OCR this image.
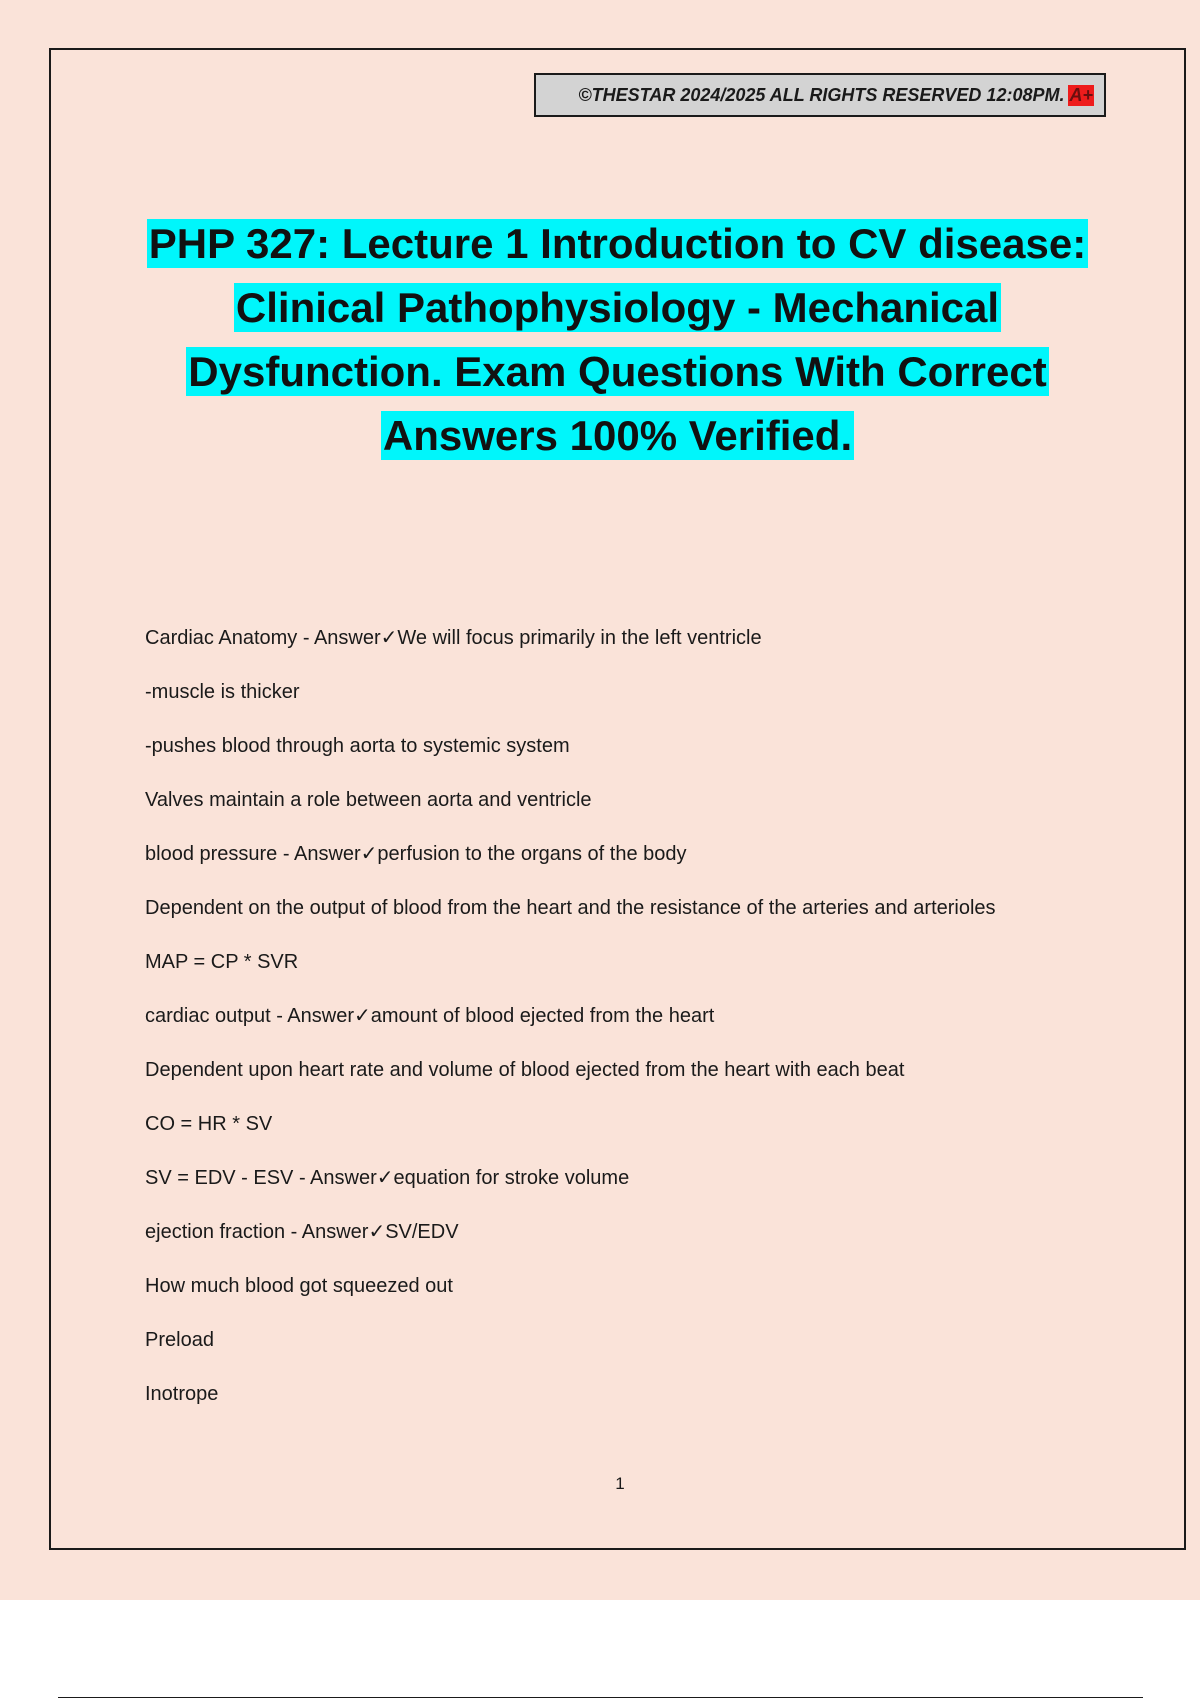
©THESTAR 2024/2025 ALL RIGHTS RESERVED 12:08PM. A+
PHP 327: Lecture 1 Introduction to CV disease:
Clinical Pathophysiology - Mechanical
Dysfunction. Exam Questions With Correct
Answers 100% Verified.

Cardiac Anatomy - Answer✓We will focus primarily in the left ventricle

-muscle is thicker

-pushes blood through aorta to systemic system

Valves maintain a role between aorta and ventricle

blood pressure - Answer✓perfusion to the organs of the body

Dependent on the output of blood from the heart and the resistance of the arteries and arterioles

MAP = CP * SVR

cardiac output - Answer✓amount of blood ejected from the heart

Dependent upon heart rate and volume of blood ejected from the heart with each beat

CO = HR * SV

SV = EDV - ESV - Answer✓equation for stroke volume

ejection fraction - Answer✓SV/EDV

How much blood got squeezed out

Preload

Inotrope

1
